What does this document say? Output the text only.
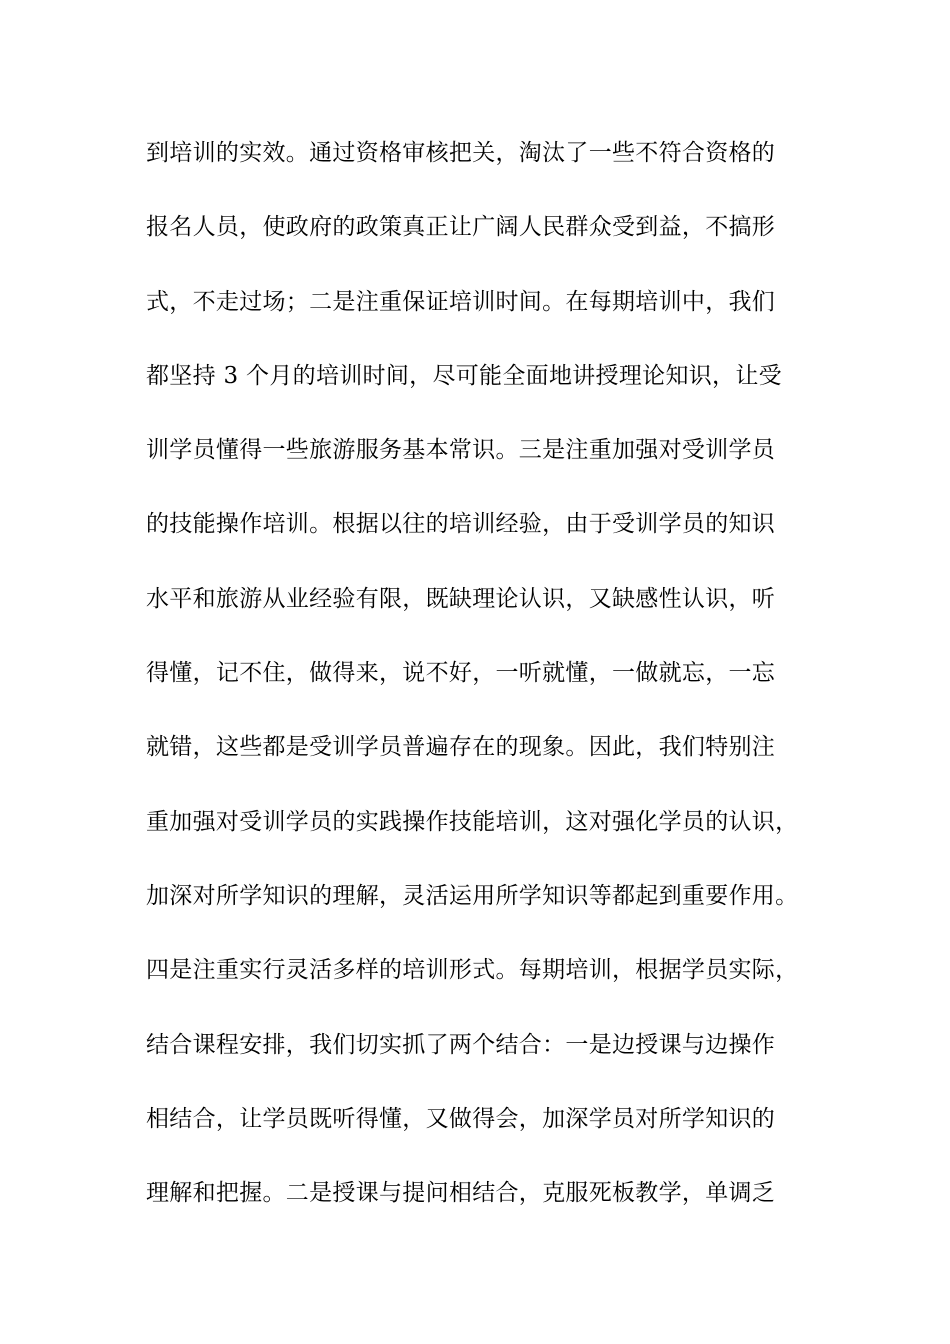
到培训的实效。通过资格审核把关，淘汰了一些不符合资格的
报名人员，使政府的政策真正让广阔人民群众受到益，不搞形
式，不走过场；二是注重保证培训时间。在每期培训中，我们
都坚持 3 个月的培训时间，尽可能全面地讲授理论知识，让受
训学员懂得一些旅游服务基本常识。三是注重加强对受训学员
的技能操作培训。根据以往的培训经验，由于受训学员的知识
水平和旅游从业经验有限，既缺理论认识，又缺感性认识，听
得懂，记不住，做得来，说不好，一听就懂，一做就忘，一忘
就错，这些都是受训学员普遍存在的现象。因此，我们特别注
重加强对受训学员的实践操作技能培训，这对强化学员的认识，
加深对所学知识的理解，灵活运用所学知识等都起到重要作用。
四是注重实行灵活多样的培训形式。每期培训，根据学员实际，
结合课程安排，我们切实抓了两个结合：一是边授课与边操作
相结合，让学员既听得懂，又做得会，加深学员对所学知识的
理解和把握。二是授课与提问相结合，克服死板教学，单调乏
